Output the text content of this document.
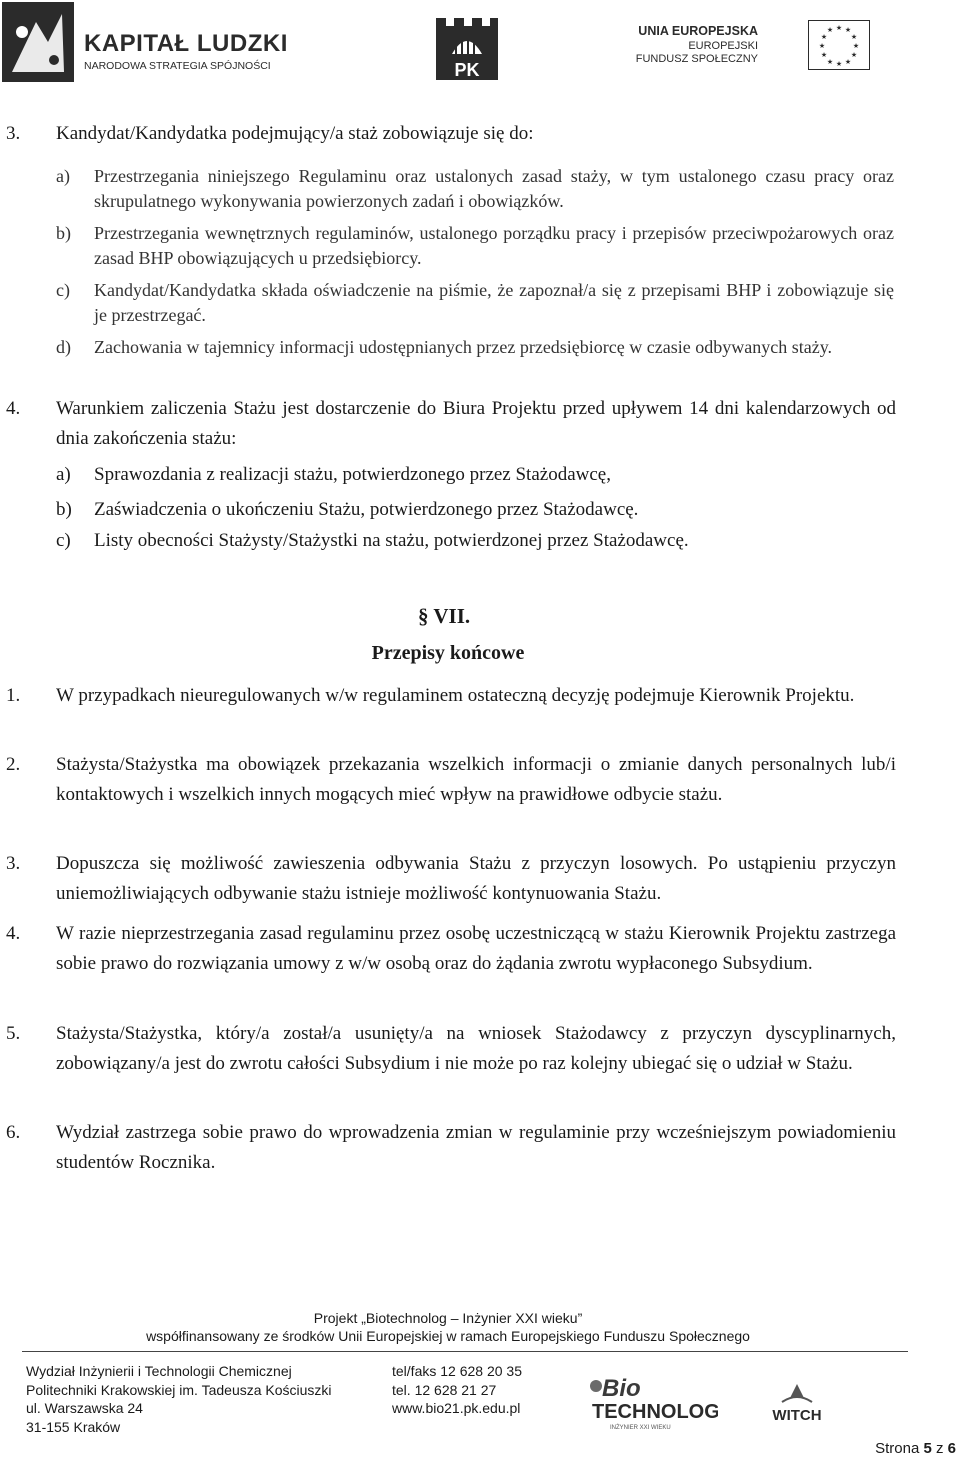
KAPITAŁ LUDZKI
NARODOWA STRATEGIA SPÓJNOŚCI	PK
UNIA EUROPEJSKA
EUROPEJSKI
FUNDUSZ SPOŁECZNY
★ ★
★
★
★
★
★
★
★
★
★
★
3. Kandydat/Kandydatka podejmujący/a staż zobowiązuje się do:
a) Przestrzegania niniejszego Regulaminu oraz ustalonych zasad staży, w tym ustalonego czasu pracy oraz skrupulatnego wykonywania powierzonych zadań i obowiązków.
b) Przestrzegania wewnętrznych regulaminów, ustalonego porządku pracy i przepisów przeciwpożarowych oraz zasad BHP obowiązujących u przedsiębiorcy.
c) Kandydat/Kandydatka składa oświadczenie na piśmie, że zapoznał/a się z przepisami BHP i zobowiązuje się je przestrzegać.
d) Zachowania w tajemnicy informacji udostępnianych przez przedsiębiorcę w czasie odbywanych staży.
4. Warunkiem zaliczenia Stażu jest dostarczenie do Biura Projektu przed upływem 14 dni kalendarzowych od dnia zakończenia stażu:
a) Sprawozdania z realizacji stażu, potwierdzonego przez Stażodawcę,
b) Zaświadczenia o ukończeniu Stażu, potwierdzonego przez Stażodawcę.
c) Listy obecności Stażysty/Stażystki na stażu, potwierdzonej przez Stażodawcę.
§ VII.
Przepisy końcowe
1. W przypadkach nieuregulowanych w/w regulaminem ostateczną decyzję podejmuje Kierownik Projektu.
2. Stażysta/Stażystka ma obowiązek przekazania wszelkich informacji o zmianie danych personalnych lub/i kontaktowych i wszelkich innych mogących mieć wpływ na prawidłowe odbycie stażu.
3. Dopuszcza się możliwość zawieszenia odbywania Stażu z przyczyn losowych. Po ustąpieniu przyczyn uniemożliwiających odbywanie stażu istnieje możliwość kontynuowania Stażu.
4. W razie nieprzestrzegania zasad regulaminu przez osobę uczestniczącą w stażu Kierownik Projektu zastrzega sobie prawo do rozwiązania umowy z w/w osobą oraz do żądania zwrotu wypłaconego Subsydium.
5. Stażysta/Stażystka, który/a został/a usunięty/a na wniosek Stażodawcy z przyczyn dyscyplinarnych, zobowiązany/a jest do zwrotu całości Subsydium i nie może po raz kolejny ubiegać się o udział w Stażu.
6. Wydział zastrzega sobie prawo do wprowadzenia zmian w regulaminie przy wcześniejszym powiadomieniu studentów Rocznika.
Projekt „Biotechnolog – Inżynier XXI wieku”
współfinansowany ze środków Unii Europejskiej w ramach Europejskiego Funduszu Społecznego
Wydział Inżynierii i Technologii Chemicznej
Politechniki Krakowskiej im. Tadeusza Kościuszki
ul. Warszawska 24
31-155 Kraków
tel/faks 12 628 20 35
tel. 12 628 21 27
www.bio21.pk.edu.pl
Bio
TECHNOLOG
INŻYNIER XXI WIEKU
WITCH
Strona 5 z 6
